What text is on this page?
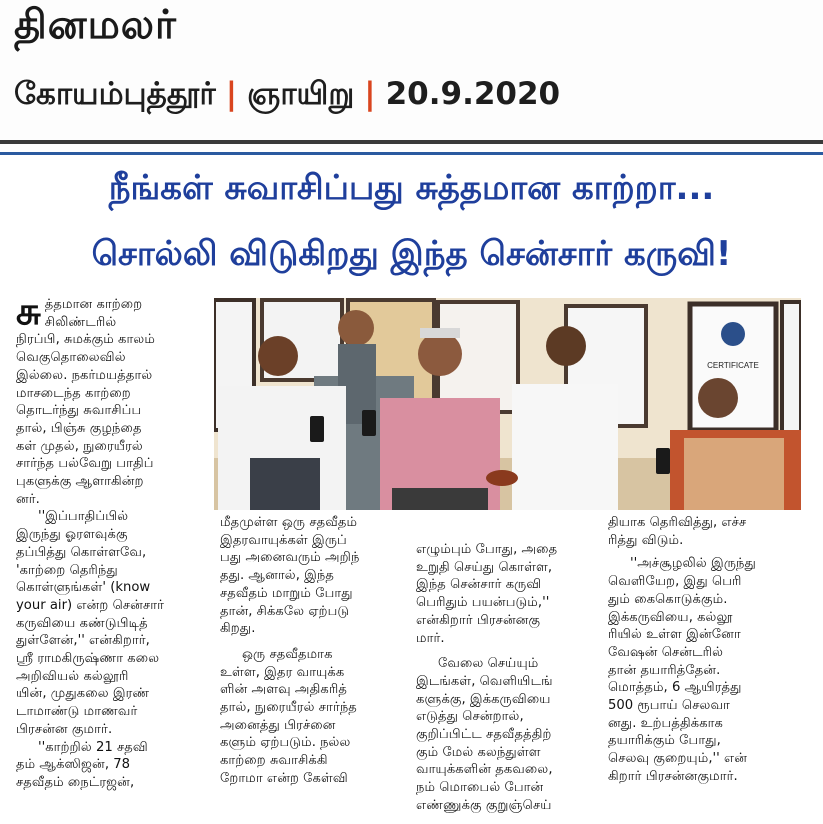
தினமலர்
கோயம்புத்தூர் | ஞாயிறு | 20.9.2020
நீங்கள் சுவாசிப்பது சுத்தமான காற்றா...
சொல்லி விடுகிறது இந்த சென்சார் கருவி!
CERTIFICATE

சுத்தமான காற்றை
சிலிண்டரில்
நிரப்பி, சுமக்கும் காலம்
வெகுதொலைவில்
இல்லை. நகர்மயத்தால்
மாசடைந்த காற்றை
தொடர்ந்து சுவாசிப்ப
தால், பிஞ்சு குழந்தை
கள் முதல், நுரையீரல்
சார்ந்த பல்வேறு பாதிப்
புகளுக்கு ஆளாகின்ற
னர்.

''இப்பாதிப்பில்
இருந்து ஓரளவுக்கு
தப்பித்து கொள்ளவே,
'காற்றை தெரிந்து
கொள்ளுங்கள்' (know
your air) என்ற சென்சார்
கருவியை கண்டுபிடித்
துள்ளேன்,'' என்கிறார்,
ஸ்ரீ ராமகிருஷ்ணா கலை
அறிவியல் கல்லூரி
யின், முதுகலை இரண்
டாமாண்டு மாணவர்
பிரசன்ன குமார்.

''காற்றில் 21 சதவி
தம் ஆக்ஸிஜன், 78
சதவீதம் நைட்ரஜன்,

மீதமுள்ள ஒரு சதவீதம்
இதரவாயுக்கள் இருப்
பது அனைவரும் அறிந்
தது. ஆனால், இந்த
சதவீதம் மாறும் போது
தான், சிக்கலே ஏற்படு
கிறது.

ஒரு சதவீதமாக
உள்ள, இதர வாயுக்க
ளின் அளவு அதிகரித்
தால், நுரையீரல் சார்ந்த
அனைத்து பிரச்னை
களும் ஏற்படும். நல்ல
காற்றை சுவாசிக்கி
றோமா என்ற கேள்வி

எழும்பும் போது, அதை
உறுதி செய்து கொள்ள,
இந்த சென்சார் கருவி
பெரிதும் பயன்படும்,''
என்கிறார் பிரசன்னகு
மார்.

வேலை செய்யும்
இடங்கள், வெளியிடங்
களுக்கு, இக்கருவியை
எடுத்து சென்றால்,
குறிப்பிட்ட சதவீதத்திற்
கும் மேல் கலந்துள்ள
வாயுக்களின் தகவலை,
நம் மொபைல் போன்
எண்ணுக்கு குறுஞ்செய்

தியாக தெரிவித்து, எச்ச
ரித்து விடும்.

''அச்சூழலில் இருந்து
வெளியேற, இது பெரி
தும் கைகொடுக்கும்.
இக்கருவியை, கல்லூ
ரியில் உள்ள இன்னோ
வேஷன் சென்டரில்
தான் தயாரித்தேன்.
மொத்தம், 6 ஆயிரத்து
500 ரூபாய் செலவா
னது. உற்பத்திக்காக
தயாரிக்கும் போது,
செலவு குறையும்,'' என்
கிறார் பிரசன்னகுமார்.
